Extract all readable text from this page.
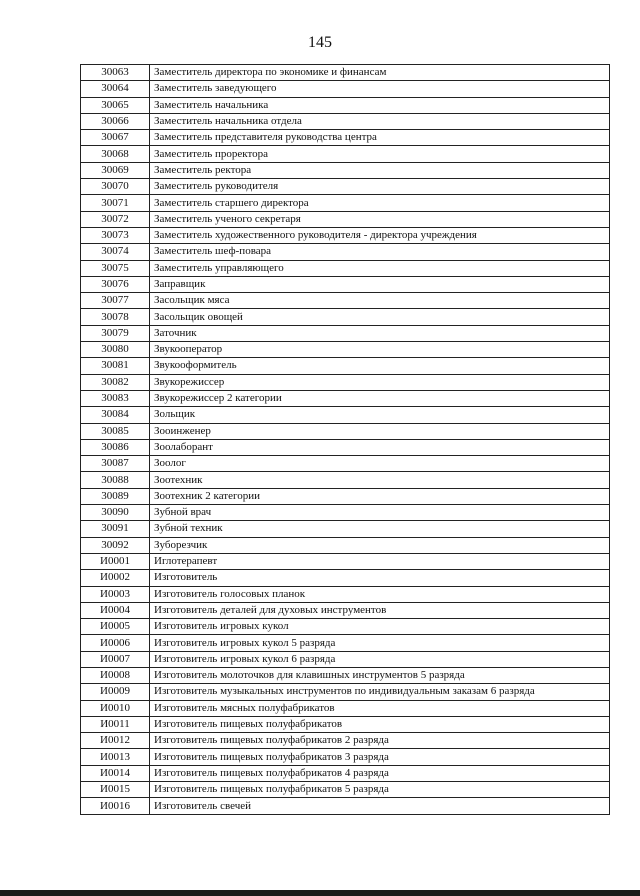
145
30063	Заместитель директора по экономике и финансам
30064	Заместитель заведующего
30065	Заместитель начальника
30066	Заместитель начальника отдела
30067	Заместитель представителя руководства центра
30068	Заместитель проректора
30069	Заместитель ректора
30070	Заместитель руководителя
30071	Заместитель старшего директора
30072	Заместитель ученого секретаря
30073	Заместитель художественного руководителя - директора учреждения
30074	Заместитель шеф-повара
30075	Заместитель управляющего
30076	Заправщик
30077	Засольщик мяса
30078	Засольщик овощей
30079	Заточник
30080	Звукооператор
30081	Звукооформитель
30082	Звукорежиссер
30083	Звукорежиссер 2 категории
30084	Зольщик
30085	Зооинженер
30086	Зоолаборант
30087	Зоолог
30088	Зоотехник
30089	Зоотехник 2 категории
30090	Зубной врач
30091	Зубной техник
30092	Зуборезчик
И0001	Иглотерапевт
И0002	Изготовитель
И0003	Изготовитель голосовых планок
И0004	Изготовитель деталей для духовых инструментов
И0005	Изготовитель игровых кукол
И0006	Изготовитель игровых кукол 5 разряда
И0007	Изготовитель игровых кукол 6 разряда
И0008	Изготовитель молоточков для клавишных инструментов 5 разряда
И0009	Изготовитель музыкальных инструментов по индивидуальным заказам 6 разряда
И0010	Изготовитель мясных полуфабрикатов
И0011	Изготовитель пищевых полуфабрикатов
И0012	Изготовитель пищевых полуфабрикатов 2 разряда
И0013	Изготовитель пищевых полуфабрикатов 3 разряда
И0014	Изготовитель пищевых полуфабрикатов 4 разряда
И0015	Изготовитель пищевых полуфабрикатов 5 разряда
И0016	Изготовитель свечей
